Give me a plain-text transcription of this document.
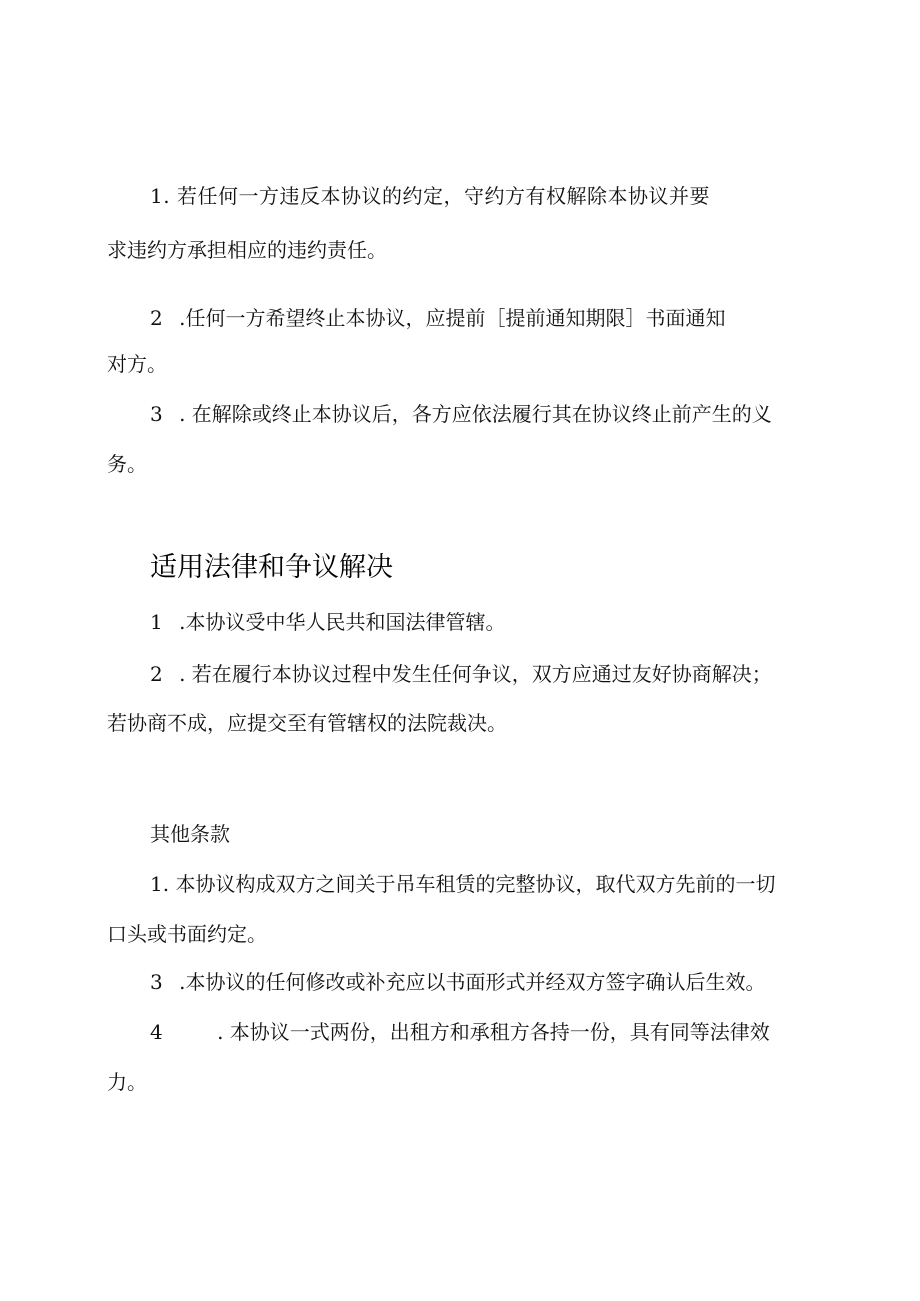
1. 若任何一方违反本协议的约定，守约方有权解除本协议并要
求违约方承担相应的违约责任。
2 .任何一方希望终止本协议，应提前［提前通知期限］书面通知
对方。
3 . 在解除或终止本协议后，各方应依法履行其在协议终止前产生的义
务。
适用法律和争议解决
1 .本协议受中华人民共和国法律管辖。
2 . 若在履行本协议过程中发生任何争议，双方应通过友好协商解决；
若协商不成，应提交至有管辖权的法院裁决。
其他条款
1. 本协议构成双方之间关于吊车租赁的完整协议，取代双方先前的一切
口头或书面约定。
3 .本协议的任何修改或补充应以书面形式并经双方签字确认后生效。
4	. 本协议一式两份，出租方和承租方各持一份，具有同等法律效
力。
